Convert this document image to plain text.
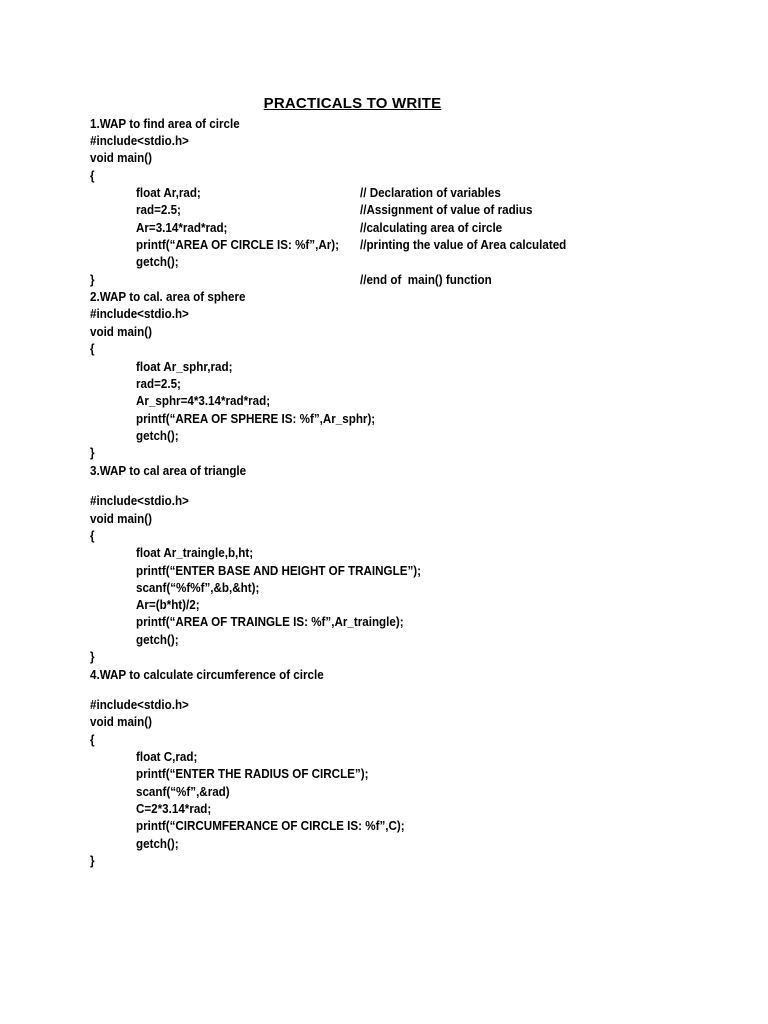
PRACTICALS TO WRITE
1.WAP to find area of circle
#include<stdio.h>
void main()
{
float Ar,rad;	// Declaration of variables
rad=2.5;	//Assignment of value of radius
Ar=3.14*rad*rad;	//calculating area of circle
printf(“AREA OF CIRCLE IS: %f”,Ar); //printing the value of Area calculated
getch();
}	//end of  main() function
2.WAP to cal. area of sphere
#include<stdio.h>
void main()
{
float Ar_sphr,rad;
rad=2.5;
Ar_sphr=4*3.14*rad*rad;
printf(“AREA OF SPHERE IS: %f”,Ar_sphr);
getch();
}
3.WAP to cal area of triangle
#include<stdio.h>
void main()
{
float Ar_traingle,b,ht;
printf(“ENTER BASE AND HEIGHT OF TRAINGLE”);
scanf(“%f%f”,&b,&ht);
Ar=(b*ht)/2;
printf(“AREA OF TRAINGLE IS: %f”,Ar_traingle);
getch();
}
4.WAP to calculate circumference of circle
#include<stdio.h>
void main()
{
float C,rad;
printf(“ENTER THE RADIUS OF CIRCLE”);
scanf(“%f”,&rad)
C=2*3.14*rad;
printf(“CIRCUMFERANCE OF CIRCLE IS: %f”,C);
getch();
}
